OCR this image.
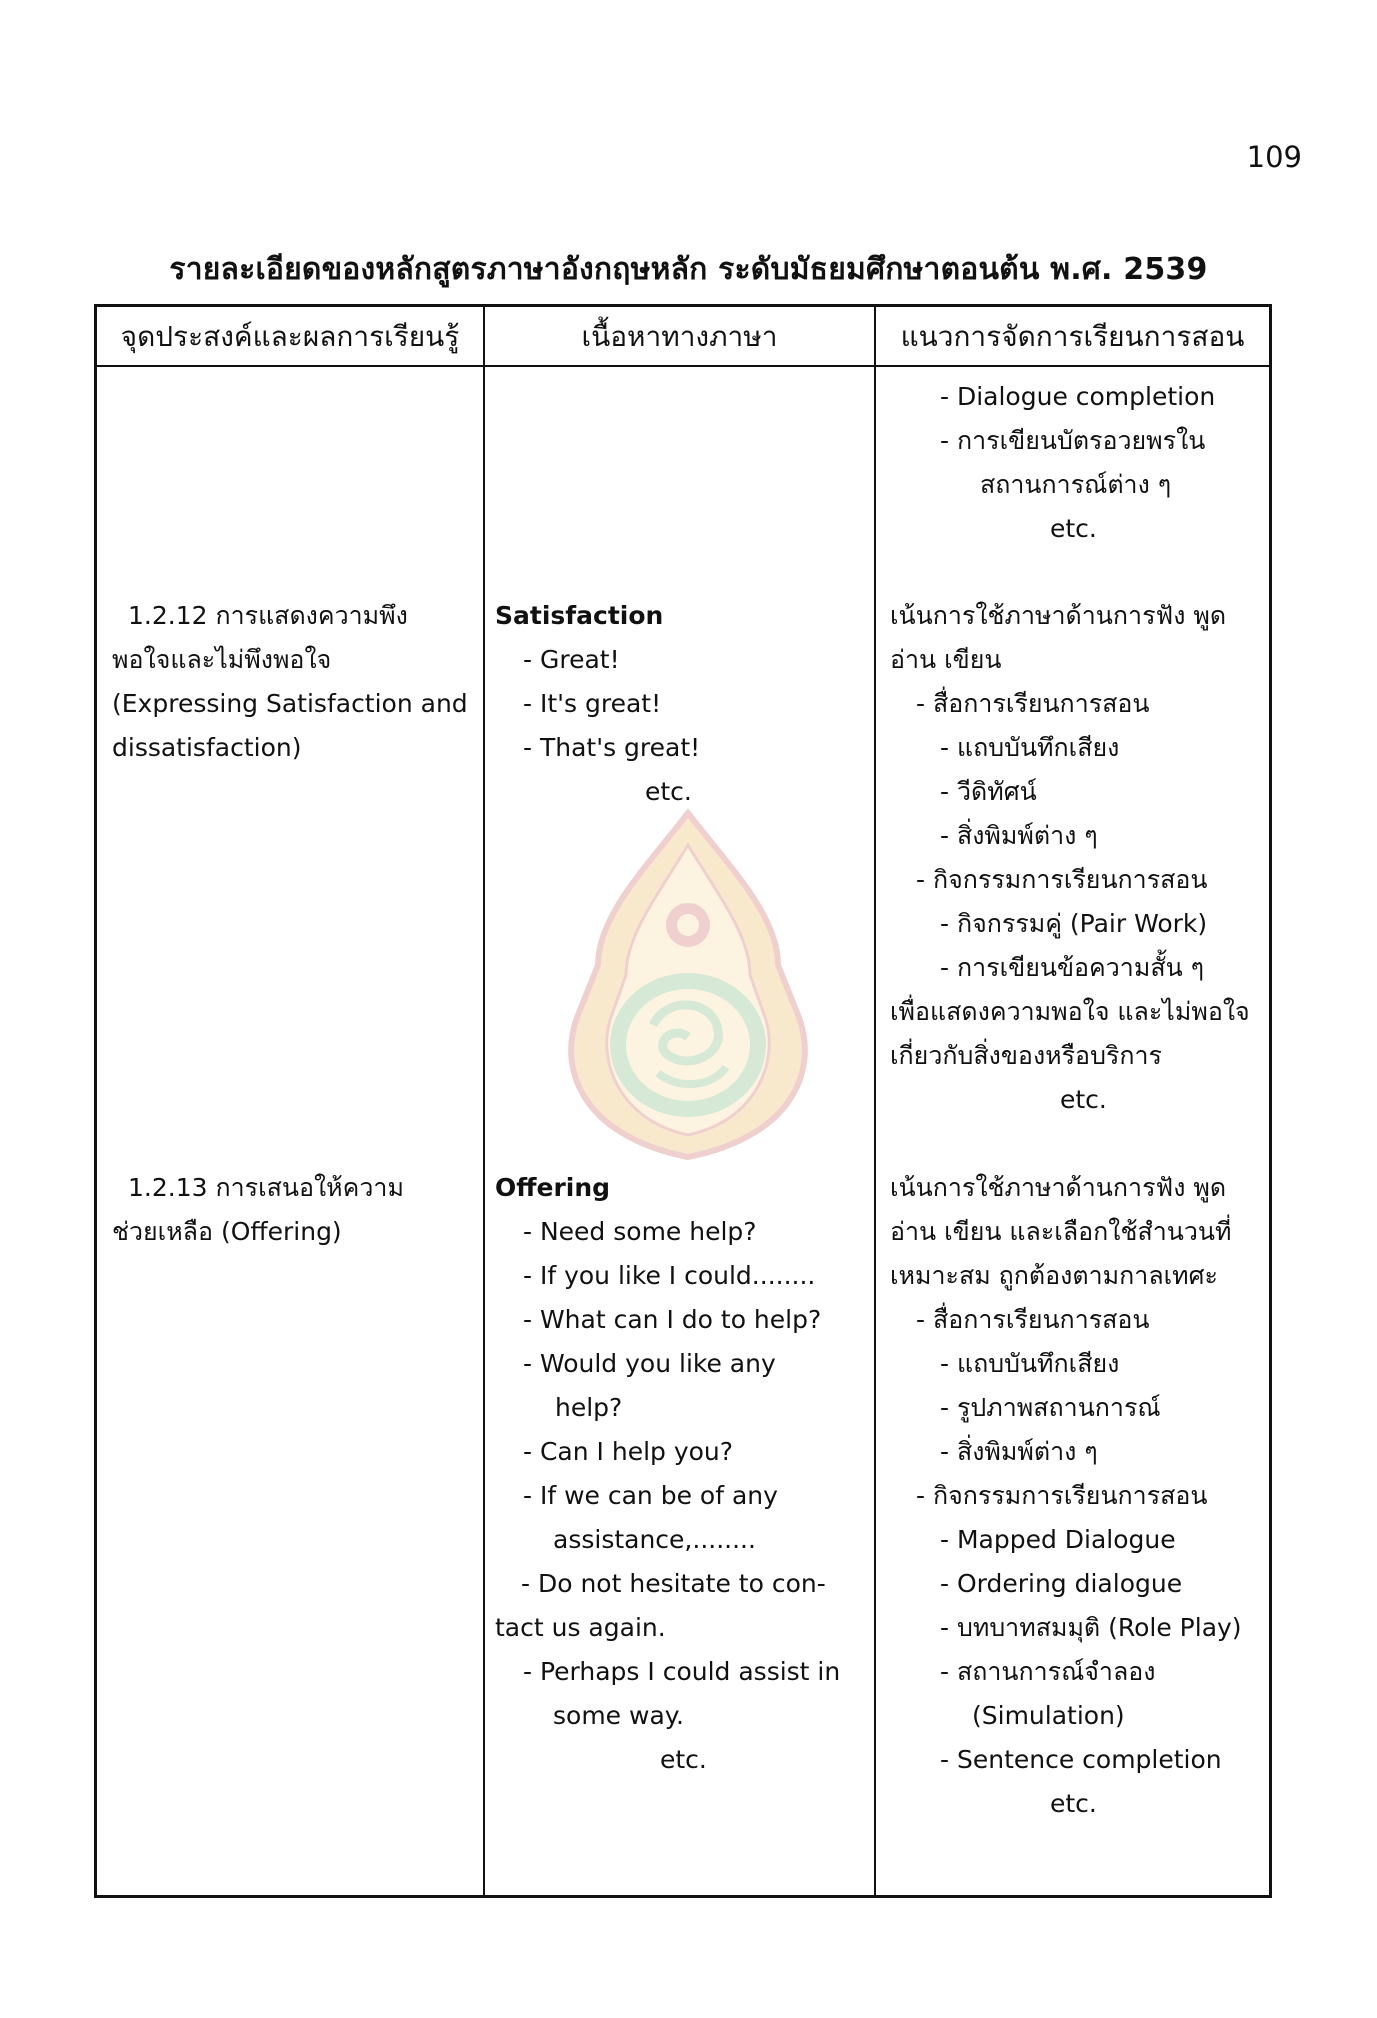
109
รายละเอียดของหลักสูตรภาษาอังกฤษหลัก ระดับมัธยมศึกษาตอนต้น พ.ศ. 2539
จุดประสงค์และผลการเรียนรู้	เนื้อหาทางภาษา	แนวการจัดการเรียนการสอน
- Dialogue completion
- การเขียนบัตรอวยพรใน
สถานการณ์ต่าง ๆ
etc.
1.2.12 การแสดงความพึง
พอใจและไม่พึงพอใจ
(Expressing Satisfaction and
dissatisfaction)
Satisfaction
- Great!
- It's great!
- That's great!
etc.
เน้นการใช้ภาษาด้านการฟัง พูด
อ่าน เขียน
- สื่อการเรียนการสอน
- แถบบันทึกเสียง
- วีดิทัศน์
- สิ่งพิมพ์ต่าง ๆ
- กิจกรรมการเรียนการสอน
- กิจกรรมคู่ (Pair Work)
- การเขียนข้อความสั้น ๆ
เพื่อแสดงความพอใจ และไม่พอใจ
เกี่ยวกับสิ่งของหรือบริการ
etc.
1.2.13 การเสนอให้ความ
ช่วยเหลือ (Offering)
Offering
- Need some help?
- If you like I could........
- What can I do to help?
- Would you like any
help?
- Can I help you?
- If we can be of any
assistance,........
- Do not hesitate to con-
tact us again.
- Perhaps I could assist in
some way.
etc.
เน้นการใช้ภาษาด้านการฟัง พูด
อ่าน เขียน และเลือกใช้สำนวนที่
เหมาะสม ถูกต้องตามกาลเทศะ
- สื่อการเรียนการสอน
- แถบบันทึกเสียง
- รูปภาพสถานการณ์
- สิ่งพิมพ์ต่าง ๆ
- กิจกรรมการเรียนการสอน
- Mapped Dialogue
- Ordering dialogue
- บทบาทสมมุติ (Role Play)
- สถานการณ์จำลอง
(Simulation)
- Sentence completion
etc.
